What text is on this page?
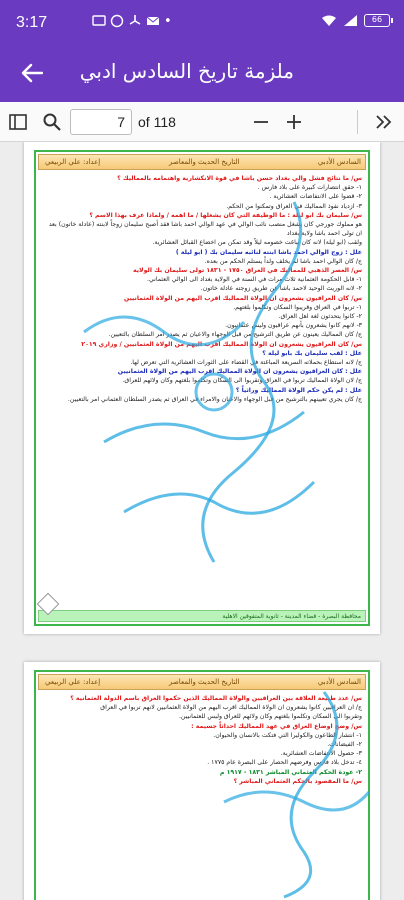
3:17	•	66
ملزمة تاريخ السادس ادبي
7
of 118
السادس الأدبي
التاريخ الحديث والمعاصر
إعداد: علي الربيعي
س/ ما نتائج فشل والي بغداد حسن باشا في قوة الانكشارية واهتمامه بالمماليك ؟
١- حقق انتصارات كبيرة على بلاد فارس .
٢- قضوا على الانتفاضات العشائرية .
٣- ازدياد نفوذ المماليك في العراق وتمكنوا من الحكم.
س/ سليمان بك ابو ليلة : ما الوظيفة التي كان يشغلها / ما اهمه / ولماذا عرف بهذا الاسم ؟
هو مملوك جورجي كان يشغل منصب نائب الوالي في عهد الوالي احمد باشا فقد أصبح سليمان زوجاً لابنته (عادلة خاتون) بعد ان تولى احمد باشا ولاية بغداد
ولقب (ابو ليلة) لانه كان يباغت خصومه ليلاً وقد تمكن من اخضاع القبائل العشائرية.
علل : زوج الوالي احمد باشا ابنته لنائبه سليمان بك ( ابو ليلة )
ج/ كان الوالي احمد باشا لم يخلف ولداً يستلم الحكم من بعده.
س/ العصر الذهبي للمماليك في العراق ١٧٥٠ - ١٨٣١ تولى سليمان بك الولاية
١- قابل الحكومة العثمانية ثلاث مرات في السنة في الولاية بغداد الى الوالي العثماني.
٢- لانه الوريث الوحيد لاحمد باشا عن طريق زوجته عادلة خاتون.
س/ كان العراقيون يشعرون ان الولاة المماليك اقرب اليهم من الولاة العثمانيين
١- تربوا في العراق وقريبوا السكان وتكلموا بلغتهم.
٢- كانوا يتحدثون لغة اهل العراق.
٣- لانهم كانوا يشعرون بأنهم عراقيون وليس عثمانيون.
ج/ كان المماليك يعينون عن طريق الترشيح من قبل الوجهاء والاعيان ثم يصدر امر السلطان بالتعيين.
س/ كان العراقيون يشعرون ان الولاة المماليك اقرب اليهم من الولاة العثمانيين / وزاري ٢٠١٩
علل : لقب سليمان بك بابو ليلة ؟
ج/ لانه استطاع بحملاته السريعة المباغتة في القضاء على الثورات العشائرية التي تعرض لها.
علل : كان العراقيون يشعرون ان الولاة المماليك اقرب اليهم من الولاة العثمانيين
ج/ لان الولاة المماليك تربوا في العراق وتقربوا الى السكان وتكلموا بلغتهم وكان ولائهم للعراق.
علل : لم يكن حكم الولاة المماليك وراثياً ؟
ج/ كان يجري تعيينهم بالترشيح من قبل الوجهاء والاعيان والامراء في العراق ثم يصدر السلطان العثماني امر بالتعيين.
محافظة البصرة - قضاء المدينة - ثانوية المتفوقين الاهلية
السادس الأدبي
التاريخ الحديث والمعاصر
إعداد: علي الربيعي
س/ عدد طبيعة العلاقة بين العراقيين والولاة المماليك الذين حكموا العراق باسم الدولة العثمانية ؟
ج/ ان العراقيين كانوا يشعرون ان الولاة المماليك اقرب اليهم من الولاة العثمانيين لانهم تربوا في العراق
وتقربوا الى السكان وتكلموا بلغتهم وكان ولائهم للعراق وليس للعثمانيين.
س/ وضح اوضاع العراق في عهد المماليك احداثاً جسيمة :
١- انتشار الطاعون والكوليرا التي فتكت بالانسان والحيوان.
٢- الفيضانات.
٣- حصول الانتفاضات العشائرية.
٤- تدخل بلاد فارس وفرضهم الحصار على البصرة عام ١٧٧٥ .
٢- عودة الحكم العثماني المباشر ١٨٣١ - ١٩١٧ م
س/ ما المقصود بالحكم العثماني المباشر ؟
